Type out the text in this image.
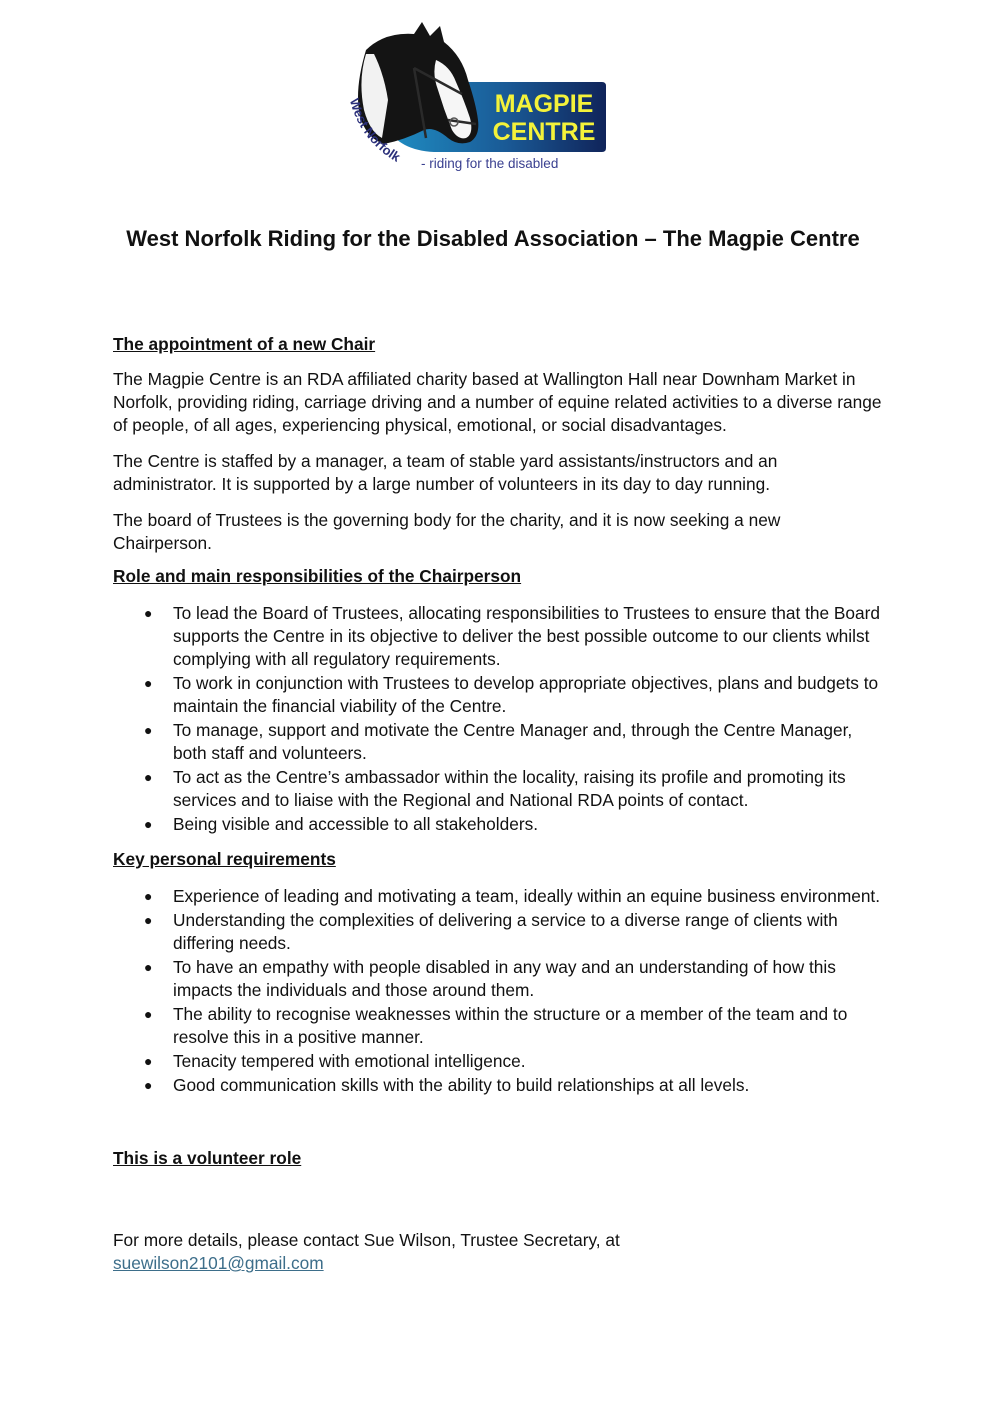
MAGPIE
CENTRE
West Norfolk - riding for the disabled
West Norfolk Riding for the Disabled Association – The Magpie Centre

The appointment of a new Chair

The Magpie Centre is an RDA affiliated charity based at Wallington Hall near Downham Market in Norfolk, providing riding, carriage driving and a number of equine related activities to a diverse range of people, of all ages, experiencing physical, emotional, or social disadvantages.

The Centre is staffed by a manager, a team of stable yard assistants/instructors and an administrator. It is supported by a large number of volunteers in its day to day running.

The board of Trustees is the governing body for the charity, and it is now seeking a new Chairperson.

Role and main responsibilities of the Chairperson

● To lead the Board of Trustees, allocating responsibilities to Trustees to ensure that the Board supports the Centre in its objective to deliver the best possible outcome to our clients whilst complying with all regulatory requirements.
● To work in conjunction with Trustees to develop appropriate objectives, plans and budgets to maintain the financial viability of the Centre.
● To manage, support and motivate the Centre Manager and, through the Centre Manager, both staff and volunteers.
● To act as the Centre’s ambassador within the locality, raising its profile and promoting its services and to liaise with the Regional and National RDA points of contact.
● Being visible and accessible to all stakeholders.

Key personal requirements

● Experience of leading and motivating a team, ideally within an equine business environment.
● Understanding the complexities of delivering a service to a diverse range of clients with differing needs.
● To have an empathy with people disabled in any way and an understanding of how this impacts the individuals and those around them.
● The ability to recognise weaknesses within the structure or a member of the team and to resolve this in a positive manner.
● Tenacity tempered with emotional intelligence.
● Good communication skills with the ability to build relationships at all levels.

This is a volunteer role

For more details, please contact Sue Wilson, Trustee Secretary, at
suewilson2101@gmail.com
